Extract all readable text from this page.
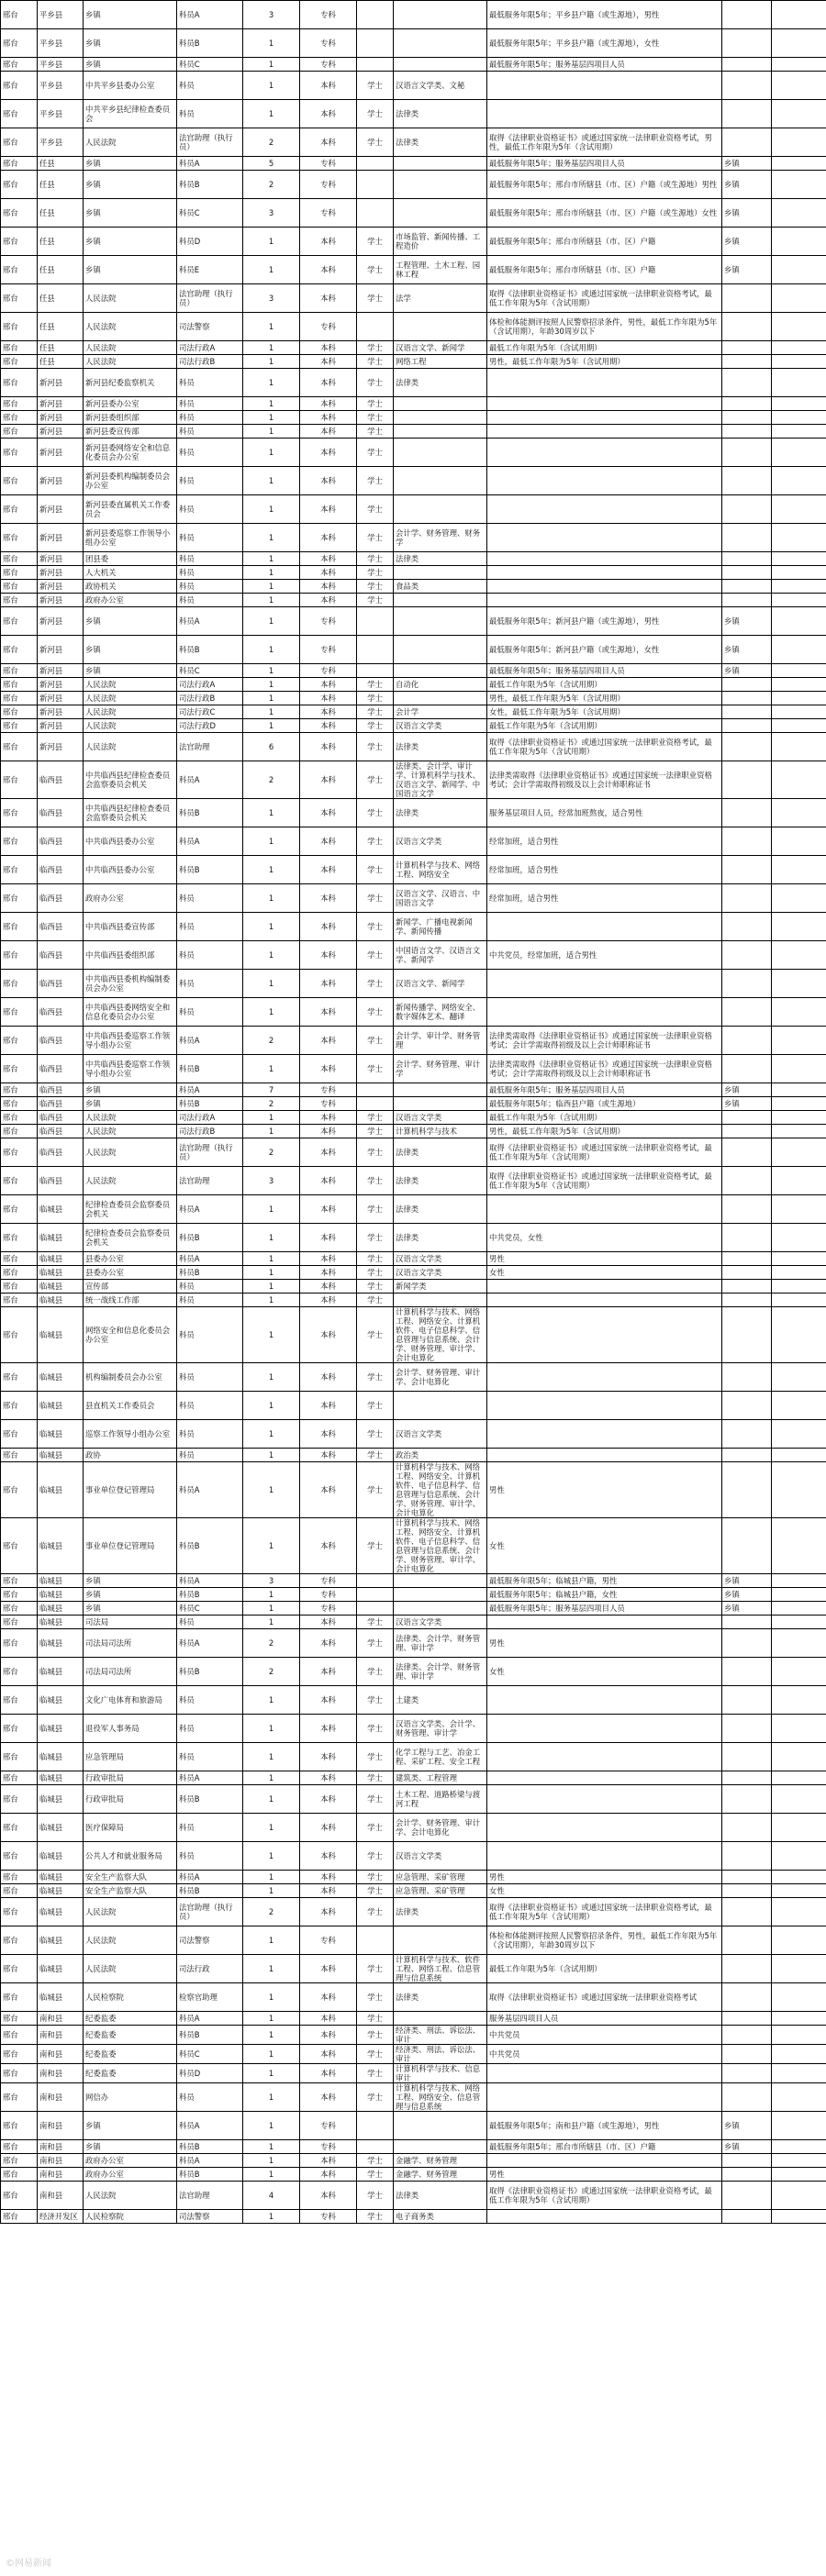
邢台	平乡县	乡镇	科员A	3	专科			最低服务年限5年；平乡县户籍（或生源地），男性		
邢台	平乡县	乡镇	科员B	1	专科			最低服务年限5年；平乡县户籍（或生源地），女性		
邢台	平乡县	乡镇	科员C	1	专科			最低服务年限5年；服务基层四项目人员		
邢台	平乡县	中共平乡县委办公室	科员	1	本科	学士	汉语言文学类、文秘			
邢台	平乡县	中共平乡县纪律检查委员会	科员	1	本科	学士	法律类			
邢台	平乡县	人民法院	法官助理（执行员）	2	本科	学士	法律类	取得《法律职业资格证书》或通过国家统一法律职业资格考试，男性，最低工作年限为5年（含试用期）		
邢台	任县	乡镇	科员A	5	专科			最低服务年限5年；服务基层四项目人员	乡镇	
邢台	任县	乡镇	科员B	2	专科			最低服务年限5年；邢台市所辖县（市、区）户籍（或生源地）男性	乡镇	
邢台	任县	乡镇	科员C	3	专科			最低服务年限5年；邢台市所辖县（市、区）户籍（或生源地）女性	乡镇	
邢台	任县	乡镇	科员D	1	本科	学士	市场监管、新闻传播、工程造价	最低服务年限5年；邢台市所辖县（市、区）户籍	乡镇	
邢台	任县	乡镇	科员E	1	本科	学士	工程管理、土木工程、园林工程	最低服务年限5年；邢台市所辖县（市、区）户籍	乡镇	
邢台	任县	人民法院	法官助理（执行员）	3	本科	学士	法学	取得《法律职业资格证书》或通过国家统一法律职业资格考试，最低工作年限为5年（含试用期）		
邢台	任县	人民法院	司法警察	1	专科			体检和体能测评按照人民警察招录条件，男性，最低工作年限为5年（含试用期），年龄30周岁以下		
邢台	任县	人民法院	司法行政A	1	本科	学士	汉语言文学、新闻学	最低工作年限为5年（含试用期）		
邢台	任县	人民法院	司法行政B	1	本科	学士	网络工程	男性，最低工作年限为5年（含试用期）		
邢台	新河县	新河县纪委监察机关	科员	1	本科	学士	法律类			
邢台	新河县	新河县委办公室	科员	1	本科	学士				
邢台	新河县	新河县委组织部	科员	1	本科	学士				
邢台	新河县	新河县委宣传部	科员	1	本科	学士				
邢台	新河县	新河县委网络安全和信息化委员会办公室	科员	1	本科	学士				
邢台	新河县	新河县委机构编制委员会办公室	科员	1	本科	学士				
邢台	新河县	新河县委直属机关工作委员会	科员	1	本科	学士				
邢台	新河县	新河县委巡察工作领导小组办公室	科员	1	本科	学士	会计学、财务管理、财务学			
邢台	新河县	团县委	科员	1	本科	学士	法律类			
邢台	新河县	人大机关	科员	1	本科	学士				
邢台	新河县	政协机关	科员	1	本科	学士	食品类			
邢台	新河县	政府办公室	科员	1	本科	学士				
邢台	新河县	乡镇	科员A	1	专科			最低服务年限5年；新河县户籍（或生源地），男性	乡镇	
邢台	新河县	乡镇	科员B	1	专科			最低服务年限5年；新河县户籍（或生源地），女性	乡镇	
邢台	新河县	乡镇	科员C	1	专科			最低服务年限5年；服务基层四项目人员	乡镇	
邢台	新河县	人民法院	司法行政A	1	本科	学士	自动化	最低工作年限为5年（含试用期）		
邢台	新河县	人民法院	司法行政B	1	本科	学士		男性，最低工作年限为5年（含试用期）		
邢台	新河县	人民法院	司法行政C	1	本科	学士	会计学	女性，最低工作年限为5年（含试用期）		
邢台	新河县	人民法院	司法行政D	1	本科	学士	汉语言文学类	最低工作年限为5年（含试用期）		
邢台	新河县	人民法院	法官助理	6	本科	学士	法律类	取得《法律职业资格证书》或通过国家统一法律职业资格考试，最低工作年限为5年（含试用期）		
邢台	临西县	中共临西县纪律检查委员会监察委员会机关	科员A	2	本科	学士	法律类、会计学、审计学、计算机科学与技术、汉语言文学、新闻学、中国语言文学	法律类需取得《法律职业资格证书》或通过国家统一法律职业资格考试；会计学需取得初级及以上会计师职称证书		
邢台	临西县	中共临西县纪律检查委员会监察委员会机关	科员B	1	本科	学士	法律类	服务基层项目人员，经常加班熬夜，适合男性		
邢台	临西县	中共临西县委办公室	科员A	1	本科	学士	汉语言文学类	经常加班，适合男性		
邢台	临西县	中共临西县委办公室	科员B	1	本科	学士	计算机科学与技术、网络工程、网络安全	经常加班，适合男性		
邢台	临西县	政府办公室	科员	1	本科	学士	汉语言文学、汉语言、中国语言文学	经常加班，适合男性		
邢台	临西县	中共临西县委宣传部	科员	1	本科	学士	新闻学、广播电视新闻学、新闻传播			
邢台	临西县	中共临西县委组织部	科员	1	本科	学士	中国语言文学、汉语言文学、新闻学	中共党员，经常加班，适合男性		
邢台	临西县	中共临西县委机构编制委员会办公室	科员	1	本科	学士	汉语言文学、新闻学			
邢台	临西县	中共临西县委网络安全和信息化委员会办公室	科员	1	本科	学士	新闻传播学、网络安全、数字媒体艺术、翻译			
邢台	临西县	中共临西县委巡察工作领导小组办公室	科员A	2	本科	学士	会计学、审计学、财务管理	法律类需取得《法律职业资格证书》或通过国家统一法律职业资格考试；会计学需取得初级及以上会计师职称证书		
邢台	临西县	中共临西县委巡察工作领导小组办公室	科员B	1	本科	学士	会计学、财务管理、审计学	法律类需取得《法律职业资格证书》或通过国家统一法律职业资格考试；会计学需取得初级及以上会计师职称证书		
邢台	临西县	乡镇	科员A	7	专科			最低服务年限5年；服务基层四项目人员	乡镇	
邢台	临西县	乡镇	科员B	2	专科			最低服务年限5年；临西县户籍（或生源地）	乡镇	
邢台	临西县	人民法院	司法行政A	1	本科	学士	汉语言文学类	最低工作年限为5年（含试用期）		
邢台	临西县	人民法院	司法行政B	1	本科	学士	计算机科学与技术	男性，最低工作年限为5年（含试用期）		
邢台	临西县	人民法院	法官助理（执行员）	2	本科	学士	法律类	取得《法律职业资格证书》或通过国家统一法律职业资格考试，最低工作年限为5年（含试用期）		
邢台	临西县	人民法院	法官助理	3	本科	学士	法律类	取得《法律职业资格证书》或通过国家统一法律职业资格考试，最低工作年限为5年（含试用期）		
邢台	临城县	纪律检查委员会监察委员会机关	科员A	1	本科	学士	法律类			
邢台	临城县	纪律检查委员会监察委员会机关	科员B	1	本科	学士	法律类	中共党员，女性		
邢台	临城县	县委办公室	科员A	1	本科	学士	汉语言文学类	男性		
邢台	临城县	县委办公室	科员B	1	本科	学士	汉语言文学类	女性		
邢台	临城县	宣传部	科员	1	本科	学士	新闻学类			
邢台	临城县	统一战线工作部	科员	1	本科	学士				
邢台	临城县	网络安全和信息化委员会办公室	科员	1	本科	学士	计算机科学与技术、网络工程、网络安全、计算机软件、电子信息科学、信息管理与信息系统、会计学、财务管理、审计学、会计电算化			
邢台	临城县	机构编制委员会办公室	科员	1	本科	学士	会计学、财务管理、审计学、会计电算化			
邢台	临城县	县直机关工作委员会	科员	1	本科	学士				
邢台	临城县	巡察工作领导小组办公室	科员	1	本科	学士	汉语言文学类			
邢台	临城县	政协	科员	1	本科	学士	政治类			
邢台	临城县	事业单位登记管理局	科员A	1	本科	学士	计算机科学与技术、网络工程、网络安全、计算机软件、电子信息科学、信息管理与信息系统、会计学、财务管理、审计学、会计电算化	男性		
邢台	临城县	事业单位登记管理局	科员B	1	本科	学士	计算机科学与技术、网络工程、网络安全、计算机软件、电子信息科学、信息管理与信息系统、会计学、财务管理、审计学、会计电算化	女性		
邢台	临城县	乡镇	科员A	3	专科			最低服务年限5年；临城县户籍，男性	乡镇	
邢台	临城县	乡镇	科员B	1	专科			最低服务年限5年；临城县户籍，女性	乡镇	
邢台	临城县	乡镇	科员C	1	专科			最低服务年限5年；服务基层四项目人员	乡镇	
邢台	临城县	司法局	科员	1	本科	学士	汉语言文学类			
邢台	临城县	司法局司法所	科员A	2	本科	学士	法律类、会计学、财务管理、审计学	男性		
邢台	临城县	司法局司法所	科员B	2	本科	学士	法律类、会计学、财务管理、审计学	女性		
邢台	临城县	文化广电体育和旅游局	科员	1	本科	学士	土建类			
邢台	临城县	退役军人事务局	科员	1	本科	学士	汉语言文学类、会计学、财务管理、审计学			
邢台	临城县	应急管理局	科员	1	本科	学士	化学工程与工艺、冶金工程、采矿工程、安全工程			
邢台	临城县	行政审批局	科员A	1	本科	学士	建筑类、工程管理			
邢台	临城县	行政审批局	科员B	1	本科	学士	土木工程、道路桥梁与渡河工程			
邢台	临城县	医疗保障局	科员	1	本科	学士	会计学、财务管理、审计学、会计电算化			
邢台	临城县	公共人才和就业服务局	科员	1	本科	学士	汉语言文学类			
邢台	临城县	安全生产监察大队	科员A	1	本科	学士	应急管理、采矿管理	男性		
邢台	临城县	安全生产监察大队	科员B	1	本科	学士	应急管理、采矿管理	女性		
邢台	临城县	人民法院	法官助理（执行员）	2	本科	学士	法律类	取得《法律职业资格证书》或通过国家统一法律职业资格考试，最低工作年限为5年（含试用期）		
邢台	临城县	人民法院	司法警察	1	专科			体检和体能测评按照人民警察招录条件，男性，最低工作年限为5年（含试用期），年龄30周岁以下		
邢台	临城县	人民法院	司法行政	1	本科	学士	计算机科学与技术、软件工程、网络工程、信息管理与信息系统	最低工作年限为5年（含试用期）		
邢台	临城县	人民检察院	检察官助理	1	本科	学士	法律类	取得《法律职业资格证书》或通过国家统一法律职业资格考试		
邢台	南和县	纪委监委	科员A	1	本科	学士		服务基层四项目人员		
邢台	南和县	纪委监委	科员B	1	本科	学士	经济类、刑法、诉讼法、审计	中共党员		
邢台	南和县	纪委监委	科员C	1	本科	学士	经济类、刑法、诉讼法、审计	中共党员		
邢台	南和县	纪委监委	科员D	1	本科	学士	计算机科学与技术、信息审计			
邢台	南和县	网信办	科员	1	本科	学士	计算机科学与技术、网络工程、网络安全、信息管理与信息系统			
邢台	南和县	乡镇	科员A	1	专科			最低服务年限5年；南和县户籍（或生源地），男性	乡镇	
邢台	南和县	乡镇	科员B	1	专科			最低服务年限5年；邢台市所辖县（市、区）户籍	乡镇	
邢台	南和县	政府办公室	科员A	1	本科	学士	金融学、财务管理			
邢台	南和县	政府办公室	科员B	1	本科	学士	金融学、财务管理	男性		
邢台	南和县	人民法院	法官助理	4	本科	学士	法律类	取得《法律职业资格证书》或通过国家统一法律职业资格考试，最低工作年限为5年（含试用期）		
邢台	经济开发区	人民检察院	司法警察	1	专科	学士	电子商务类			
©网易新闻
